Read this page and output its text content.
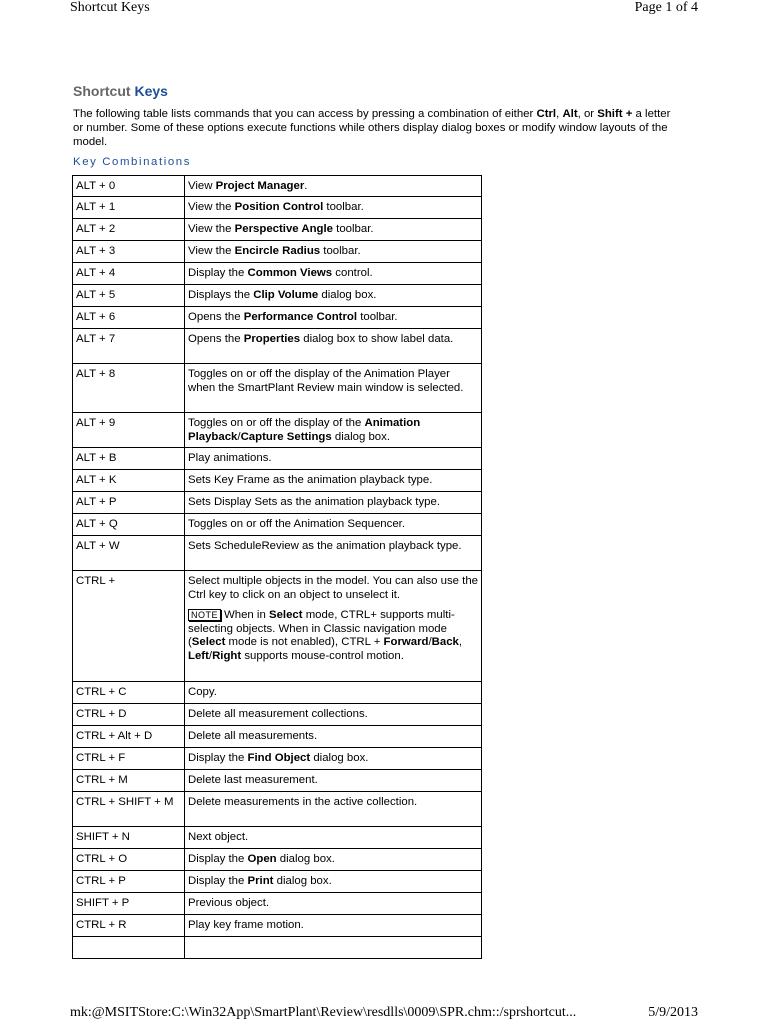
Shortcut Keys	Page 1 of 4
Shortcut Keys
The following table lists commands that you can access by pressing a combination of either Ctrl, Alt, or Shift + a letter or number. Some of these options execute functions while others display dialog boxes or modify window layouts of the model.
Key Combinations
ALT + 0	View Project Manager.

ALT + 1	View the Position Control toolbar.

ALT + 2	View the Perspective Angle toolbar.

ALT + 3	View the Encircle Radius toolbar.

ALT + 4	Display the Common Views control.

ALT + 5	Displays the Clip Volume dialog box.

ALT + 6	Opens the Performance Control toolbar.

ALT + 7	Opens the Properties dialog box to show label data.

ALT + 8	Toggles on or off the display of the Animation Player when the SmartPlant Review main window is selected.

ALT + 9	Toggles on or off the display of the Animation Playback/Capture Settings dialog box.

ALT + B	Play animations.

ALT + K	Sets Key Frame as the animation playback type.

ALT + P	Sets Display Sets as the animation playback type.

ALT + Q	Toggles on or off the Animation Sequencer.

ALT + W	Sets ScheduleReview as the animation playback type.

CTRL +	Select multiple objects in the model. You can also use the Ctrl key to click on an object to unselect it.
NOTE When in Select mode, CTRL+ supports multi-selecting objects. When in Classic navigation mode (Select mode is not enabled), CTRL + Forward/Back, Left/Right supports mouse-control motion.

CTRL + C	Copy.

CTRL + D	Delete all measurement collections.

CTRL + Alt + D	Delete all measurements.

CTRL + F	Display the Find Object dialog box.

CTRL + M	Delete last measurement.

CTRL + SHIFT + M	Delete measurements in the active collection.

SHIFT + N	Next object.

CTRL + O	Display the Open dialog box.

CTRL + P	Display the Print dialog box.

SHIFT + P	Previous object.

CTRL + R	Play key frame motion.

mk:@MSITStore:C:\Win32App\SmartPlant\Review\resdlls\0009\SPR.chm::/sprshortcut...	5/9/2013
